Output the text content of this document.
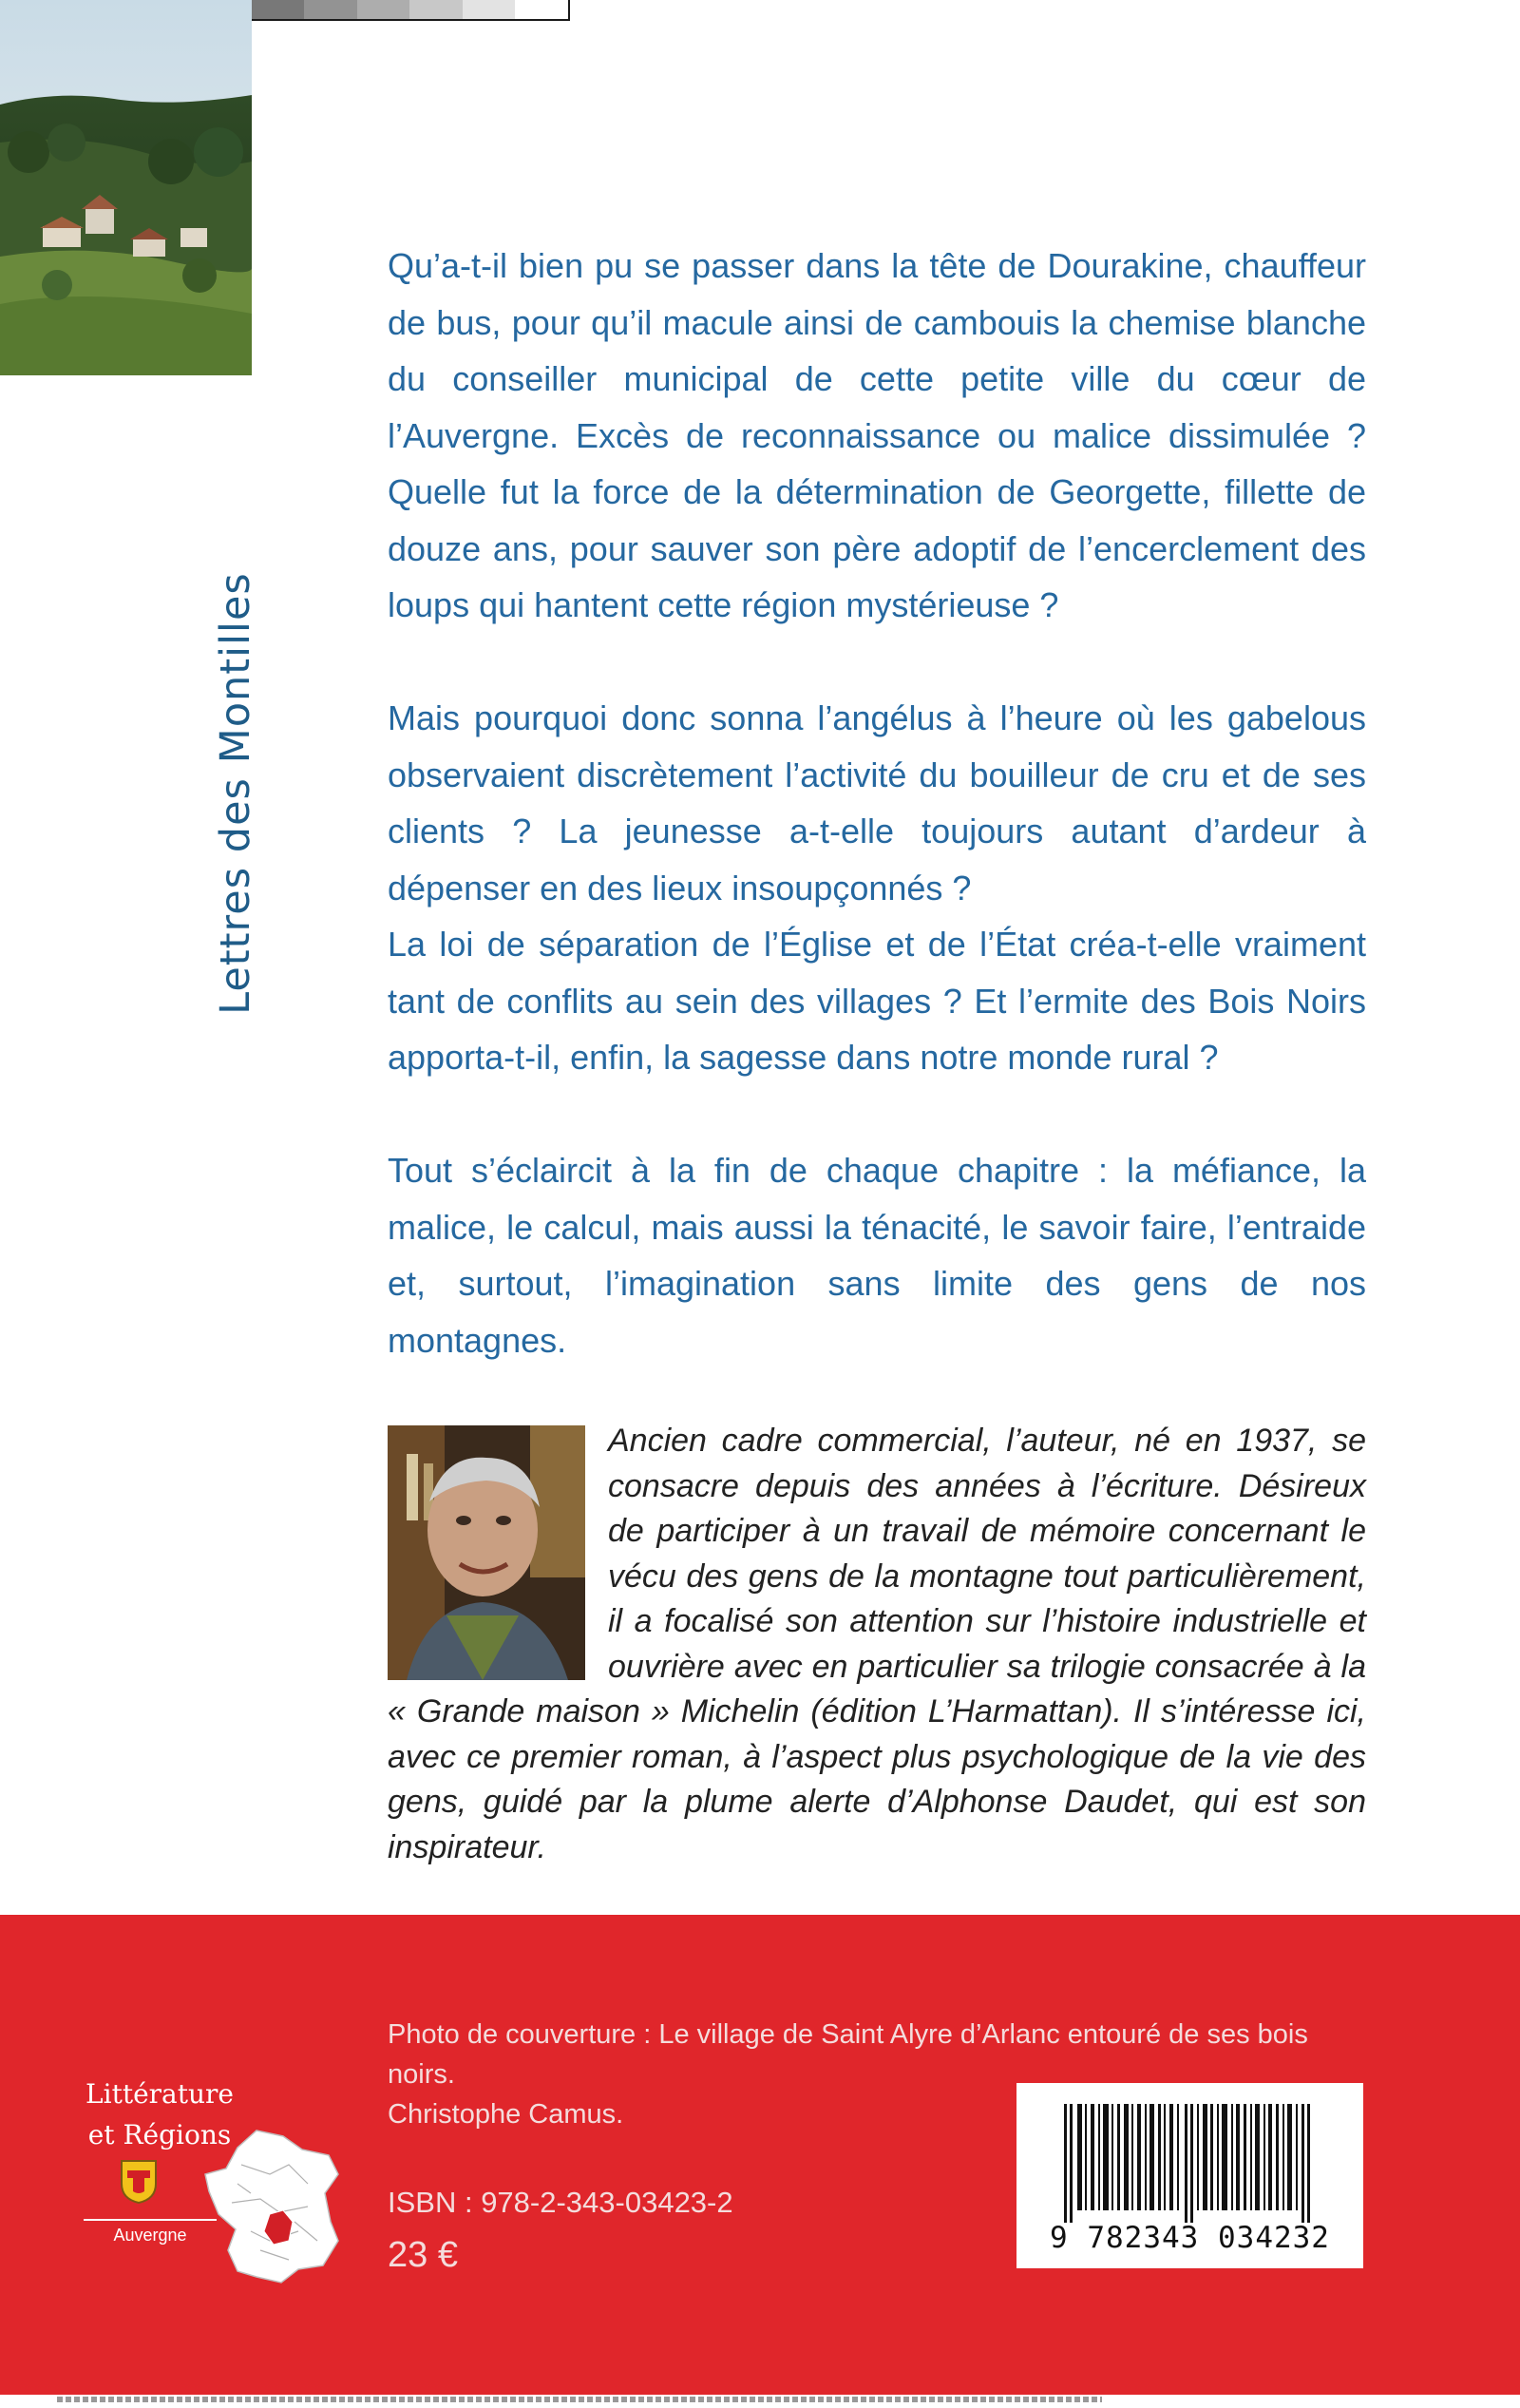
Lettres des Montilles

Qu’a-t-il bien pu se passer dans la tête de Dourakine, chauffeur de bus, pour qu’il macule ainsi de cambouis la chemise blanche du conseiller municipal de cette petite ville du cœur de l’Auvergne. Excès de reconnaissance ou malice dissimulée ? Quelle fut la force de la détermination de Georgette, fillette de douze ans, pour sauver son père adoptif de l’encerclement des loups qui hantent cette région mystérieuse ?

Mais pourquoi donc sonna l’angélus à l’heure où les gabelous observaient discrètement l’activité du bouilleur de cru et de ses clients ? La jeunesse a-t-elle toujours autant d’ardeur à dépenser en des lieux insoupçonnés ?

La loi de séparation de l’Église et de l’État créa-t-elle vraiment tant de conflits au sein des villages ? Et l’ermite des Bois Noirs apporta-t-il, enfin, la sagesse dans notre monde rural ?

Tout s’éclaircit à la fin de chaque chapitre : la méfiance, la malice, le calcul, mais aussi la ténacité, le savoir faire, l’entraide et, surtout, l’imagination sans limite des gens de nos montagnes.

Ancien cadre commercial, l’auteur, né en 1937, se consacre depuis des années à l’écriture. Désireux de participer à un travail de mémoire concernant le vécu des gens de la montagne tout particulièrement, il a focalisé son attention sur l’histoire industrielle et ouvrière avec en particulier sa trilogie consacrée à la « Grande maison » Michelin (édition L’Harmattan). Il s’intéresse ici, avec ce premier roman, à l’aspect plus psychologique de la vie des gens, guidé par la plume alerte d’Alphonse Daudet, qui est son inspirateur.

Photo de couverture : Le village de Saint Alyre d’Arlanc entouré de ses bois noirs.
Christophe Camus.

Littérature
et Régions
Auvergne
ISBN : 978-2-343-03423-2
23 €	9 782343 034232
